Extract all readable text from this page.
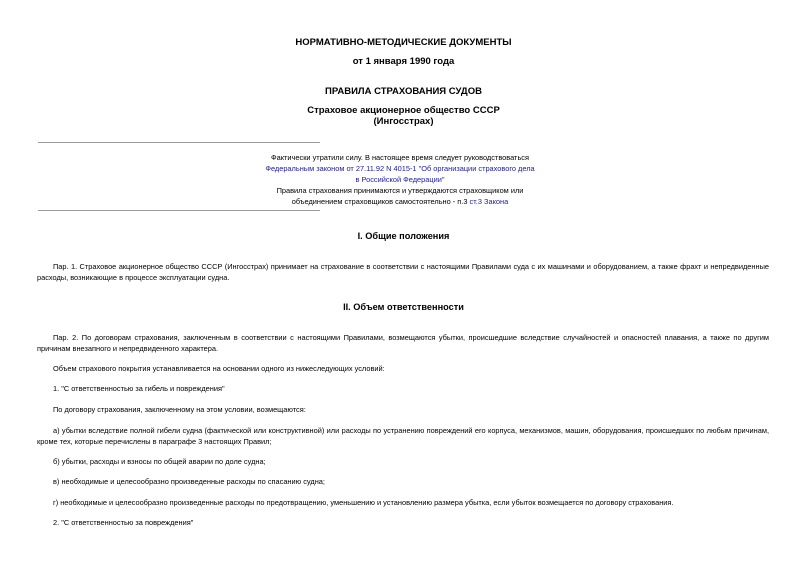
НОРМАТИВНО-МЕТОДИЧЕСКИЕ ДОКУМЕНТЫ
от 1 января 1990 года
ПРАВИЛА СТРАХОВАНИЯ СУДОВ
Страховое акционерное общество СССР
(Ингосстрах)
Фактически утратили силу. В настоящее время следует руководствоваться
Федеральным законом от 27.11.92 N 4015-1 "Об организации страхового дела
в Российской Федерации"
Правила страхования принимаются и утверждаются страховщиком или
объединением страховщиков самостоятельно - п.3 ст.3 Закона
I. Общие положения
Пар. 1. Страховое акционерное общество СССР (Ингосстрах) принимает на страхование в соответствии с настоящими Правилами суда с их машинами и оборудованием, а также фрахт и непредвиденные расходы, возникающие в процессе эксплуатации судна.
II. Объем ответственности
Пар. 2. По договорам страхования, заключенным в соответствии с настоящими Правилами, возмещаются убытки, происшедшие вследствие случайностей и опасностей плавания, а также по другим причинам внезапного и непредвиденного характера.
Объем страхового покрытия устанавливается на основании одного из нижеследующих условий:
1. "С ответственностью за гибель и повреждения"
По договору страхования, заключенному на этом условии, возмещаются:
а) убытки вследствие полной гибели судна (фактической или конструктивной) или расходы по устранению повреждений его корпуса, механизмов, машин, оборудования, происшедших по любым причинам, кроме тех, которые перечислены в параграфе 3 настоящих Правил;
б) убытки, расходы и взносы по общей аварии по доле судна;
в) необходимые и целесообразно произведенные расходы по спасанию судна;
г) необходимые и целесообразно произведенные расходы по предотвращению, уменьшению и установлению размера убытка, если убыток возмещается по договору страхования.
2. "С ответственностью за повреждения"
